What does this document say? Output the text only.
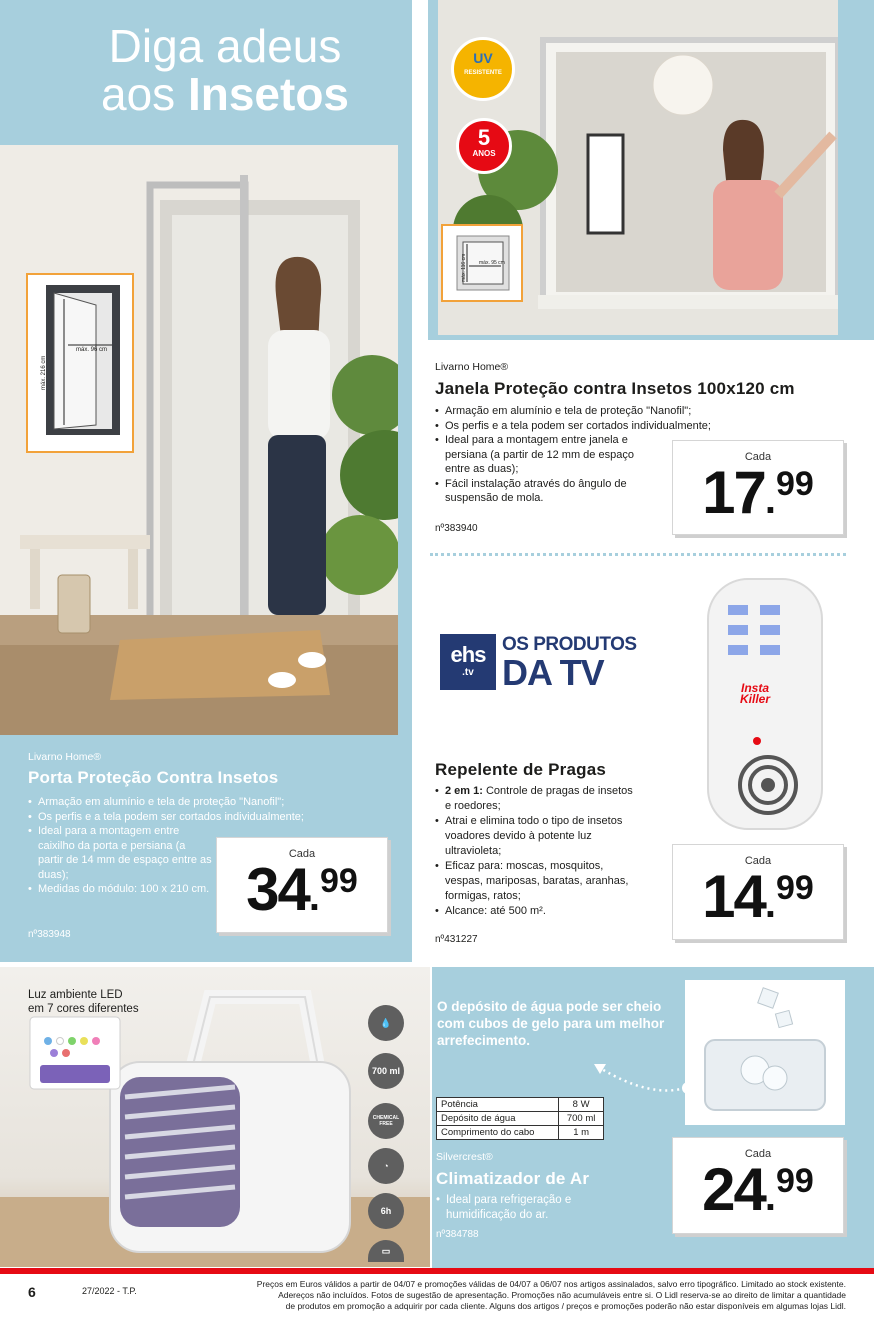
Diga adeus
aos Insetos
máx. 96 cm
máx. 216 cm
Livarno Home®
Porta Proteção Contra Insetos
• Armação em alumínio e tela de proteção "Nanofil";
• Os perfis e a tela podem ser cortados individualmente;
• Ideal para a montagem entre caixilho da porta e persiana (a partir de 14 mm de espaço entre as duas);
• Medidas do módulo: 100 x 210 cm.
nº383948
Cada
34.99
UV
RESISTENTE
5
ANOS
máx. 95 cm
máx. 116 cm
Livarno Home®
Janela Proteção contra Insetos 100x120 cm
• Armação em alumínio e tela de proteção "Nanofil";
• Os perfis e a tela podem ser cortados individualmente;
• Ideal para a montagem entre janela e persiana (a partir de 12 mm de espaço entre as duas);
• Fácil instalação através do ângulo de suspensão de mola.
nº383940
Cada
17.99
ehs
.tv
OS PRODUTOS
DA TV	Insta
Killer
Repelente de Pragas
• 2 em 1: Controle de pragas de insetos e roedores;
• Atrai e elimina todo o tipo de insetos voadores devido à potente luz ultravioleta;
• Eficaz para: moscas, mosquitos, vespas, mariposas, baratas, aranhas, formigas, ratos;
• Alcance: até 500 m².
nº431227
Cada
14.99
Luz ambiente LED
em 7 cores diferentes
💧
700 ml
CHEMICAL FREE
◔
6h
▭
O depósito de água pode ser cheio com cubos de gelo para um melhor arrefecimento.
Potência	8 W
Depósito de água	700 ml
Comprimento do cabo	1 m
Silvercrest®
Climatizador de Ar
• Ideal para refrigeração e humidificação do ar.
nº384788
Cada
24.99
6	27/2022 - T.P.
Preços em Euros válidos a partir de 04/07 e promoções válidas de 04/07 a 06/07 nos artigos assinalados, salvo erro tipográfico. Limitado ao stock existente.
Adereços não incluídos. Fotos de sugestão de apresentação. Promoções não acumuláveis entre si. O Lidl reserva-se ao direito de limitar a quantidade
de produtos em promoção a adquirir por cada cliente. Alguns dos artigos / preços e promoções poderão não estar disponíveis em algumas lojas Lidl.
